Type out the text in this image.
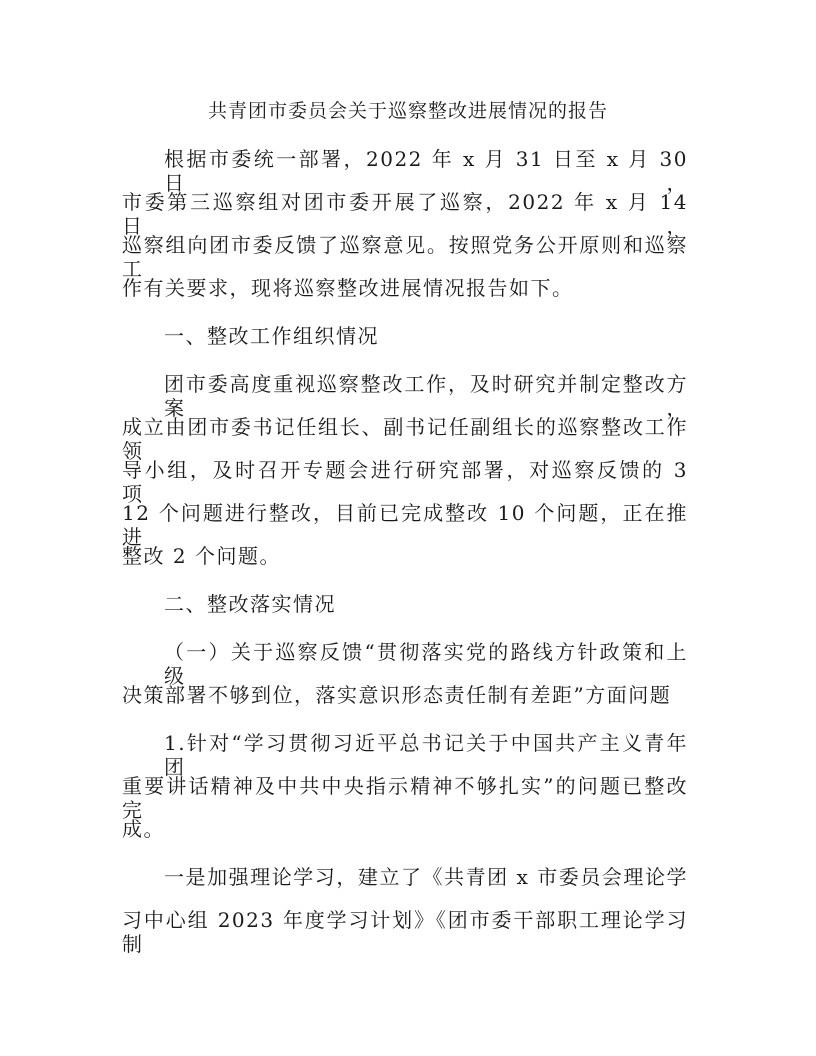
共青团市委员会关于巡察整改进展情况的报告
根据市委统一部署，2022 年 x 月 31 日至 x 月 30 日，
市委第三巡察组对团市委开展了巡察，2022 年 x 月 14 日，
巡察组向团市委反馈了巡察意见。按照党务公开原则和巡察工
作有关要求，现将巡察整改进展情况报告如下。
一、整改工作组织情况
团市委高度重视巡察整改工作，及时研究并制定整改方案，
成立由团市委书记任组长、副书记任副组长的巡察整改工作领
导小组，及时召开专题会进行研究部署，对巡察反馈的 3 项
12 个问题进行整改，目前已完成整改 10 个问题，正在推进
整改 2 个问题。
二、整改落实情况
（一）关于巡察反馈“贯彻落实党的路线方针政策和上级
决策部署不够到位，落实意识形态责任制有差距”方面问题
1.针对“学习贯彻习近平总书记关于中国共产主义青年团
重要讲话精神及中共中央指示精神不够扎实”的问题已整改完
成。
一是加强理论学习，建立了《共青团 x 市委员会理论学
习中心组 2023 年度学习计划》《团市委干部职工理论学习制
